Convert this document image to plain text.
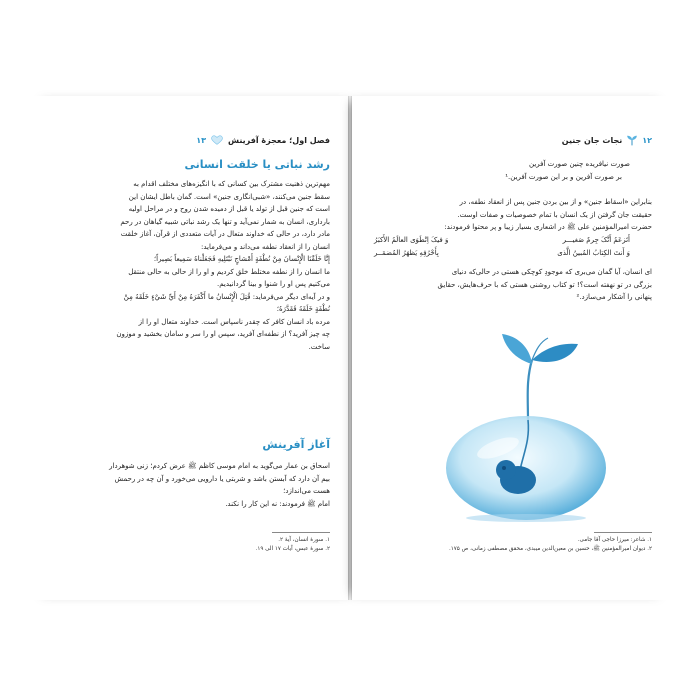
فصل اول؛ معجزهٔ آفرینش
۱۳
رشد نباتی یا خلقت انسانی

مهم‌ترین ذهنیت مشترک بین کسانی که با انگیزه‌های مختلف اقدام به

سقط جنین می‌کنند، «شبی‌انگاری جنین» است. گمان باطل ایشان این

است که جنین قبل از تولد یا قبل از دمیده شدن روح و در مراحل اولیه

بارداری، انسان به شمار نمی‌آید و تنها یک رشد نباتی شبیه گیاهان در رحم

مادر دارد، در حالی که خداوند متعال در آیات متعددی از قرآن، آغاز خلقت

انسان را از انعقاد نطفه می‌داند و می‌فرماید:

إِنَّا خَلَقْنَا الْإِنْسانَ مِنْ نُطْفَةٍ أَمْشاجٍ نَبْتَلِيهِ فَجَعَلْناهُ سَمِيعاً بَصِيراً؛

ما انسان را از نطفه مختلط خلق کردیم و او را از حالی به حالی منتقل

می‌کنیم پس او را شنوا و بینا گردانیدیم.

و در آیه‌ای دیگر می‌فرماید: قُتِلَ الْإِنْسانُ ما أَكْفَرَهُ مِنْ أَيِّ شَيْءٍ خَلَقَهُ مِنْ

نُطْفَةٍ خَلَقَهُ فَقَدَّرَهُ؛

مرده باد انسان کافر که چقدر ناسپاس است. خداوند متعال او را از

چه چیز آفرید؟ از نطفه‌ای آفرید، سپس او را سر و سامان بخشید و موزون

ساخت.

آغاز آفرینش

اسحاق بن عمار می‌گوید به امام موسی کاظم ﷺ عرض کردم؛ زنی شوهردار

بیم آن دارد که آبستن باشد و شربتی یا دارویی می‌خورد و آن چه در رحمش

هست می‌اندازد؛

امام ﷺ فرمودند: نه این کار را نکند.

۱. سورهٔ انسان، آیهٔ ۲.
۲. سورهٔ عبس، آیات ۱۷ الی ۱۹.
۱۲
نجات جان جنین

صورت نیافریده چنین صورت آفرین

بر صورت آفرین و بر این صورت آفرین.¹

بنابراین «اسقاط جنین» و از بین بردن جنین پس از انعقاد نطفه، در

حقیقت جان گرفتن از یک انسان با تمام خصوصیات و صفات اوست.

حضرت امیرالمؤمنین علی ﷺ در اشعاری بسیار زیبا و پر محتوا فرمودند:

أَتَزعَمُ أَنَّکَ جِرمٌ صَغیـــر
وَ فیکَ اِنْطَوَی العالَمُ الأَکبَرُ
وَ أَنتَ الکِتابُ المُبینُ الَّذی
بِأَحْرُفِهِ یَظهَرُ المُضمَــر

ای انسان، آیا گمان می‌بری که موجودِ کوچکی هستی در حالی‌که دنیای

بزرگی در تو نهفته است؟! تو کتاب روشنی هستی که با حرف‌هایش، حقایق

پنهانی را آشکار می‌سازد.²

۱. شاعر: میرزا حاجی آقا جامی.
۲. دیوان امیرالمؤمنین ﷺ، حسین بن معین‌الدین میبدی، محقق مصطفی زمانی، ص ۱۷۵.
